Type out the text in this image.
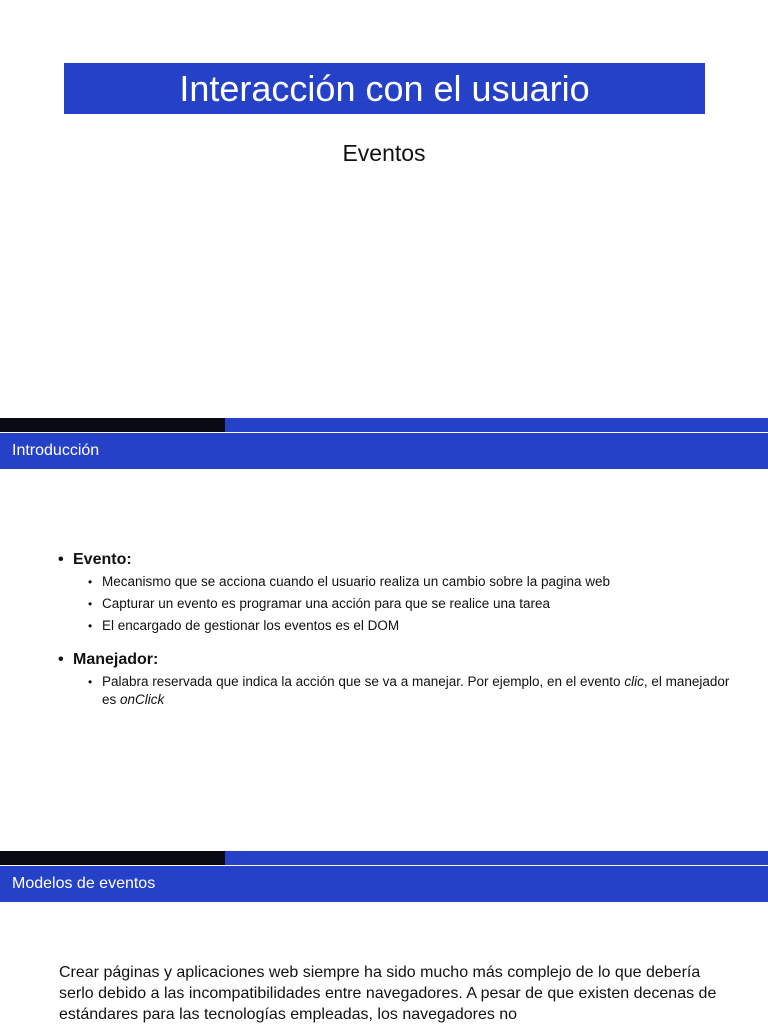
Interacción con el usuario
Eventos
Introducción

• Evento:

• Mecanismo que se acciona cuando el usuario realiza un cambio sobre la pagina web
• Capturar un evento es programar una acción para que se realice una tarea
• El encargado de gestionar los eventos es el DOM

• Manejador:

• Palabra reservada que indica la acción que se va a manejar. Por ejemplo, en el evento clic, el manejador es onClick
Modelos de eventos
Crear páginas y aplicaciones web siempre ha sido mucho más complejo de lo que debería serlo debido a las incompatibilidades entre navegadores. A pesar de que existen decenas de estándares para las tecnologías empleadas, los navegadores no
